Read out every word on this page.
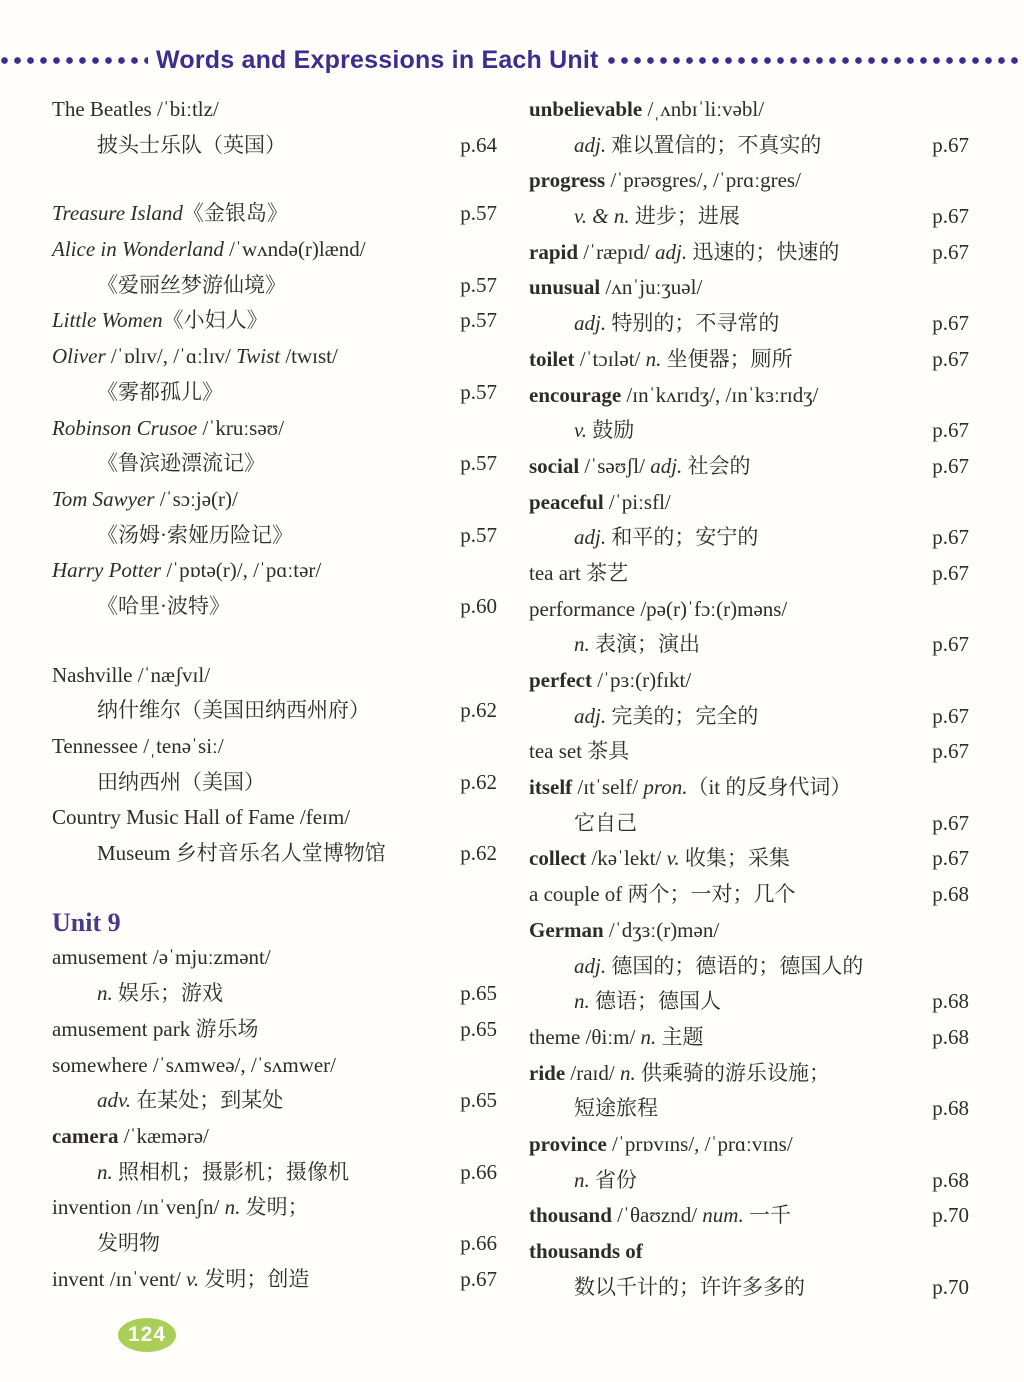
Words and Expressions in Each Unit
The Beatles /ˈbiːtlz/
披头士乐队（英国）	p.64
Treasure Island《金银岛》	p.57
Alice in Wonderland /ˈwʌndə(r)lænd/
《爱丽丝梦游仙境》	p.57
Little Women《小妇人》	p.57
Oliver /ˈɒlɪv/, /ˈɑːlɪv/ Twist /twɪst/
《雾都孤儿》	p.57
Robinson Crusoe /ˈkruːsəʊ/
《鲁滨逊漂流记》	p.57
Tom Sawyer /ˈsɔːjə(r)/
《汤姆·索娅历险记》	p.57
Harry Potter /ˈpɒtə(r)/, /ˈpɑːtər/
《哈里·波特》	p.60
Nashville /ˈnæʃvɪl/
纳什维尔（美国田纳西州府）	p.62
Tennessee /ˌtenəˈsiː/
田纳西州（美国）	p.62
Country Music Hall of Fame /feɪm/
Museum 乡村音乐名人堂博物馆	p.62
Unit 9
amusement /əˈmjuːzmənt/
n. 娱乐；游戏	p.65
amusement park 游乐场	p.65
somewhere /ˈsʌmweə/, /ˈsʌmwer/
adv. 在某处；到某处	p.65
camera /ˈkæmərə/
n. 照相机；摄影机；摄像机	p.66
invention /ɪnˈvenʃn/ n. 发明；
发明物	p.66
invent /ɪnˈvent/ v. 发明；创造	p.67
unbelievable /ˌʌnbɪˈliːvəbl/
adj. 难以置信的；不真实的	p.67
progress /ˈprəʊgres/, /ˈprɑːgres/
v. & n. 进步；进展	p.67
rapid /ˈræpɪd/ adj. 迅速的；快速的	p.67
unusual /ʌnˈjuːʒuəl/
adj. 特别的；不寻常的	p.67
toilet /ˈtɔɪlət/ n. 坐便器；厕所	p.67
encourage /ɪnˈkʌrɪdʒ/, /ɪnˈkɜːrɪdʒ/
v. 鼓励	p.67
social /ˈsəʊʃl/ adj. 社会的	p.67
peaceful /ˈpiːsfl/
adj. 和平的；安宁的	p.67
tea art 茶艺	p.67
performance /pə(r)ˈfɔː(r)məns/
n. 表演；演出	p.67
perfect /ˈpɜː(r)fɪkt/
adj. 完美的；完全的	p.67
tea set 茶具	p.67
itself /ɪtˈself/ pron.（it 的反身代词）
它自己	p.67
collect /kəˈlekt/ v. 收集；采集	p.67
a couple of 两个；一对；几个	p.68
German /ˈdʒɜː(r)mən/
adj. 德国的；德语的；德国人的
n. 德语；德国人	p.68
theme /θiːm/ n. 主题	p.68
ride /raɪd/ n. 供乘骑的游乐设施；
短途旅程	p.68
province /ˈprɒvɪns/, /ˈprɑːvɪns/
n. 省份	p.68
thousand /ˈθaʊznd/ num. 一千	p.70
thousands of
数以千计的；许许多多的	p.70
124
